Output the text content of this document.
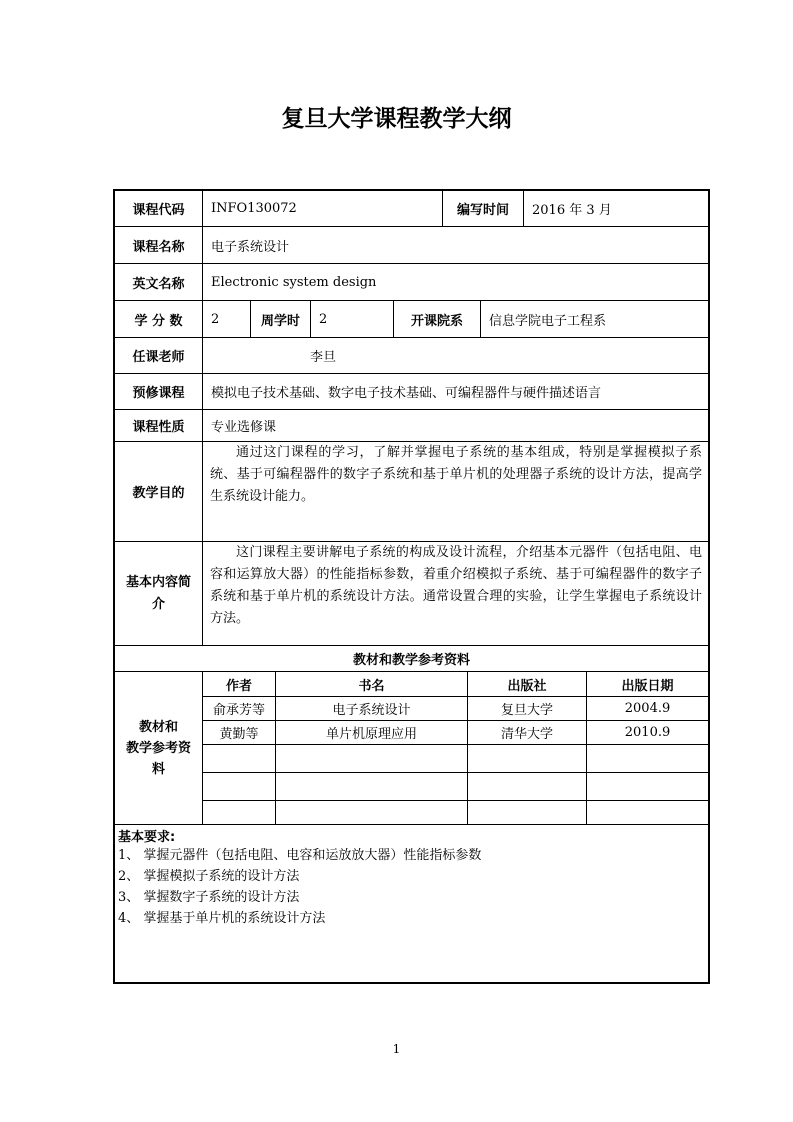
复旦大学课程教学大纲
课程代码	INFO130072	编写时间	2016 年 3 月
课程名称	电子系统设计
英文名称	Electronic system design
学 分 数	2	周学时	2	开课院系	信息学院电子工程系
任课老师	李旦
预修课程	模拟电子技术基础、数字电子技术基础、可编程器件与硬件描述语言
课程性质	专业选修课
教学目的
通过这门课程的学习，了解并掌握电子系统的基本组成，特别是掌握模拟子系统、基于可编程器件的数字子系统和基于单片机的处理器子系统的设计方法，提高学生系统设计能力。
基本内容简
介
这门课程主要讲解电子系统的构成及设计流程，介绍基本元器件（包括电阻、电容和运算放大器）的性能指标参数，着重介绍模拟子系统、基于可编程器件的数字子系统和基于单片机的系统设计方法。通常设置合理的实验，让学生掌握电子系统设计方法。
教材和教学参考资料
教材和
教学参考资
料
作者	书名	出版社	出版日期
俞承芳等	电子系统设计	复旦大学	2004.9
黄勤等	单片机原理应用	清华大学	2010.9
基本要求:
1、 掌握元器件（包括电阻、电容和运放放大器）性能指标参数
2、 掌握模拟子系统的设计方法
3、 掌握数字子系统的设计方法
4、 掌握基于单片机的系统设计方法
1
